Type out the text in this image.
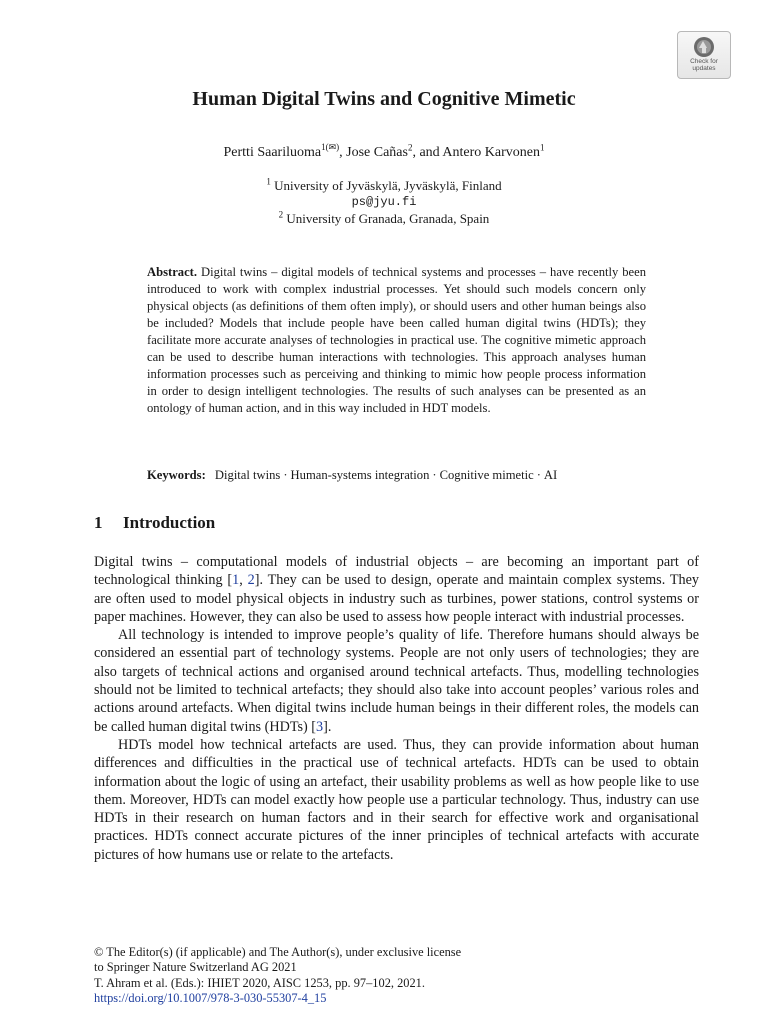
Check for
updates
Human Digital Twins and Cognitive Mimetic
Pertti Saariluoma$^{1(✉)}$, Jose Cañas$^2$, and Antero Karvonen$^1$
$^1$ University of Jyväskylä, Jyväskylä, Finland
ps@jyu.fi
$^2$ University of Granada, Granada, Spain
Abstract. Digital twins – digital models of technical systems and processes – have recently been introduced to work with complex industrial processes. Yet should such models concern only physical objects (as definitions of them often imply), or should users and other human beings also be included? Models that include people have been called human digital twins (HDTs); they facilitate more accurate analyses of technologies in practical use. The cognitive mimetic approach can be used to describe human interactions with technologies. This approach analyses human information processes such as perceiving and thinking to mimic how people process information in order to design intelligent technologies. The results of such analyses can be presented as an ontology of human action, and in this way included in HDT models.
Keywords: Digital twins · Human-systems integration · Cognitive mimetic · AI
1 Introduction

Digital twins – computational models of industrial objects – are becoming an important part of technological thinking [1, 2]. They can be used to design, operate and maintain complex systems. They are often used to model physical objects in industry such as turbines, power stations, control systems or paper machines. However, they can also be used to assess how people interact with industrial processes.

All technology is intended to improve people’s quality of life. Therefore humans should always be considered an essential part of technology systems. People are not only users of technologies; they are also targets of technical actions and organised around technical artefacts. Thus, modelling technologies should not be limited to technical artefacts; they should also take into account peoples’ various roles and actions around artefacts. When digital twins include human beings in their different roles, the models can be called human digital twins (HDTs) [3].

HDTs model how technical artefacts are used. Thus, they can provide information about human differences and difficulties in the practical use of technical artefacts. HDTs can be used to obtain information about the logic of using an artefact, their usability problems as well as how people like to use them. Moreover, HDTs can model exactly how people use a particular technology. Thus, industry can use HDTs in their research on human factors and in their search for effective work and organisational practices. HDTs connect accurate pictures of the inner principles of technical artefacts with accurate pictures of how humans use or relate to the artefacts.

© The Editor(s) (if applicable) and The Author(s), under exclusive license
to Springer Nature Switzerland AG 2021
T. Ahram et al. (Eds.): IHIET 2020, AISC 1253, pp. 97–102, 2021.
https://doi.org/10.1007/978-3-030-55307-4_15
